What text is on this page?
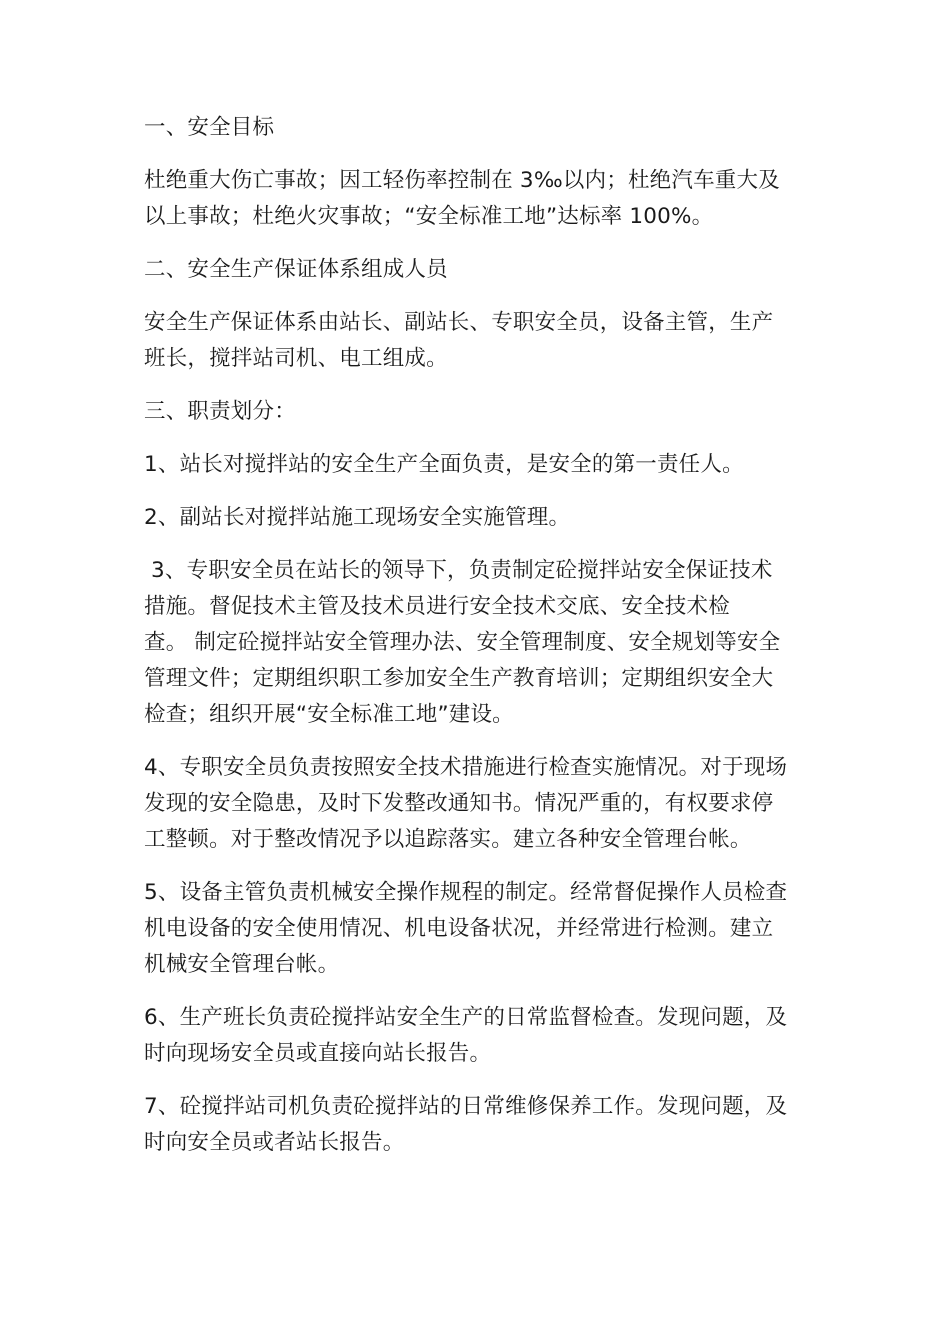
一、安全目标
杜绝重大伤亡事故；因工轻伤率控制在 3‰以内；杜绝汽车重大及
以上事故；杜绝火灾事故；“安全标准工地”达标率 100%。
二、安全生产保证体系组成人员
安全生产保证体系由站长、副站长、专职安全员，设备主管，生产
班长，搅拌站司机、电工组成。
三、职责划分：
1、站长对搅拌站的安全生产全面负责，是安全的第一责任人。
2、副站长对搅拌站施工现场安全实施管理。
3、专职安全员在站长的领导下，负责制定砼搅拌站安全保证技术
措施。督促技术主管及技术员进行安全技术交底、安全技术检
查。 制定砼搅拌站安全管理办法、安全管理制度、安全规划等安全
管理文件；定期组织职工参加安全生产教育培训；定期组织安全大
检查；组织开展“安全标准工地”建设。
4、专职安全员负责按照安全技术措施进行检查实施情况。对于现场
发现的安全隐患，及时下发整改通知书。情况严重的，有权要求停
工整顿。对于整改情况予以追踪落实。建立各种安全管理台帐。
5、设备主管负责机械安全操作规程的制定。经常督促操作人员检查
机电设备的安全使用情况、机电设备状况，并经常进行检测。建立
机械安全管理台帐。
6、生产班长负责砼搅拌站安全生产的日常监督检查。发现问题，及
时向现场安全员或直接向站长报告。
7、砼搅拌站司机负责砼搅拌站的日常维修保养工作。发现问题，及
时向安全员或者站长报告。
